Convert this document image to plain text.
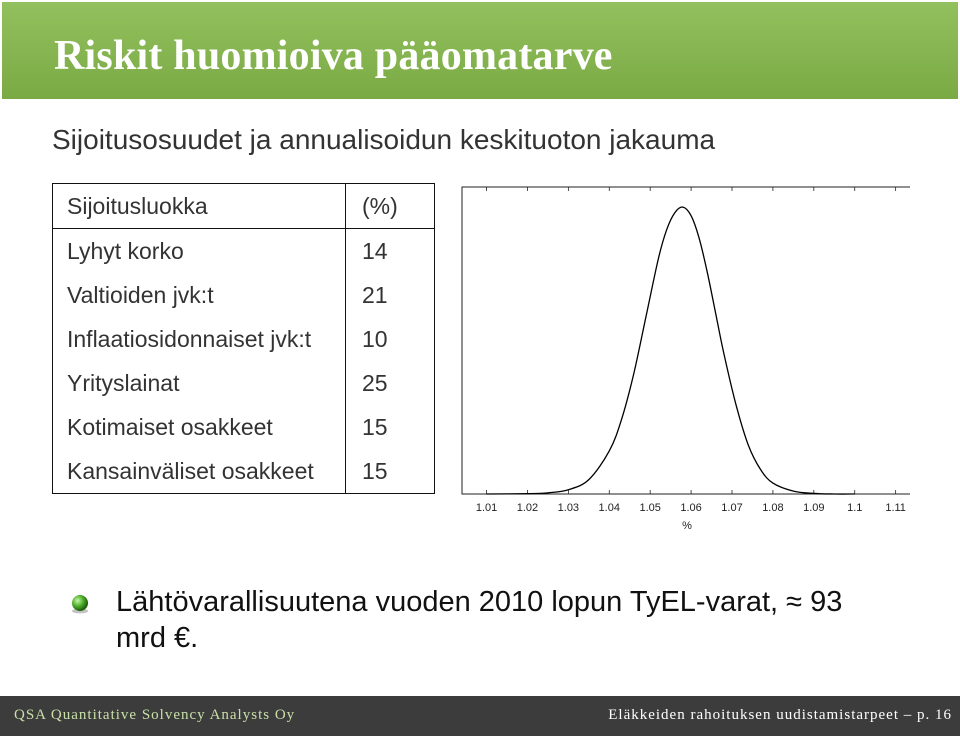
Riskit huomioiva pääomatarve
Sijoitusosuudet ja annualisoidun keskituoton jakauma
Sijoitusluokka	(%)
Lyhyt korko	14
Valtioiden jvk:t	21
Inflaatiosidonnaiset jvk:t	10
Yrityslainat	25
Kotimaiset osakkeet	15
Kansainväliset osakkeet	15
1.01 1.02 1.03 1.04 1.05 1.06 1.07 1.08 1.09 1.1 1.11
%
Lähtövarallisuutena vuoden 2010 lopun TyEL-varat, ≈ 93
mrd €.
QSA Quantitative Solvency Analysts Oy	Eläkkeiden rahoituksen uudistamistarpeet – p. 16
